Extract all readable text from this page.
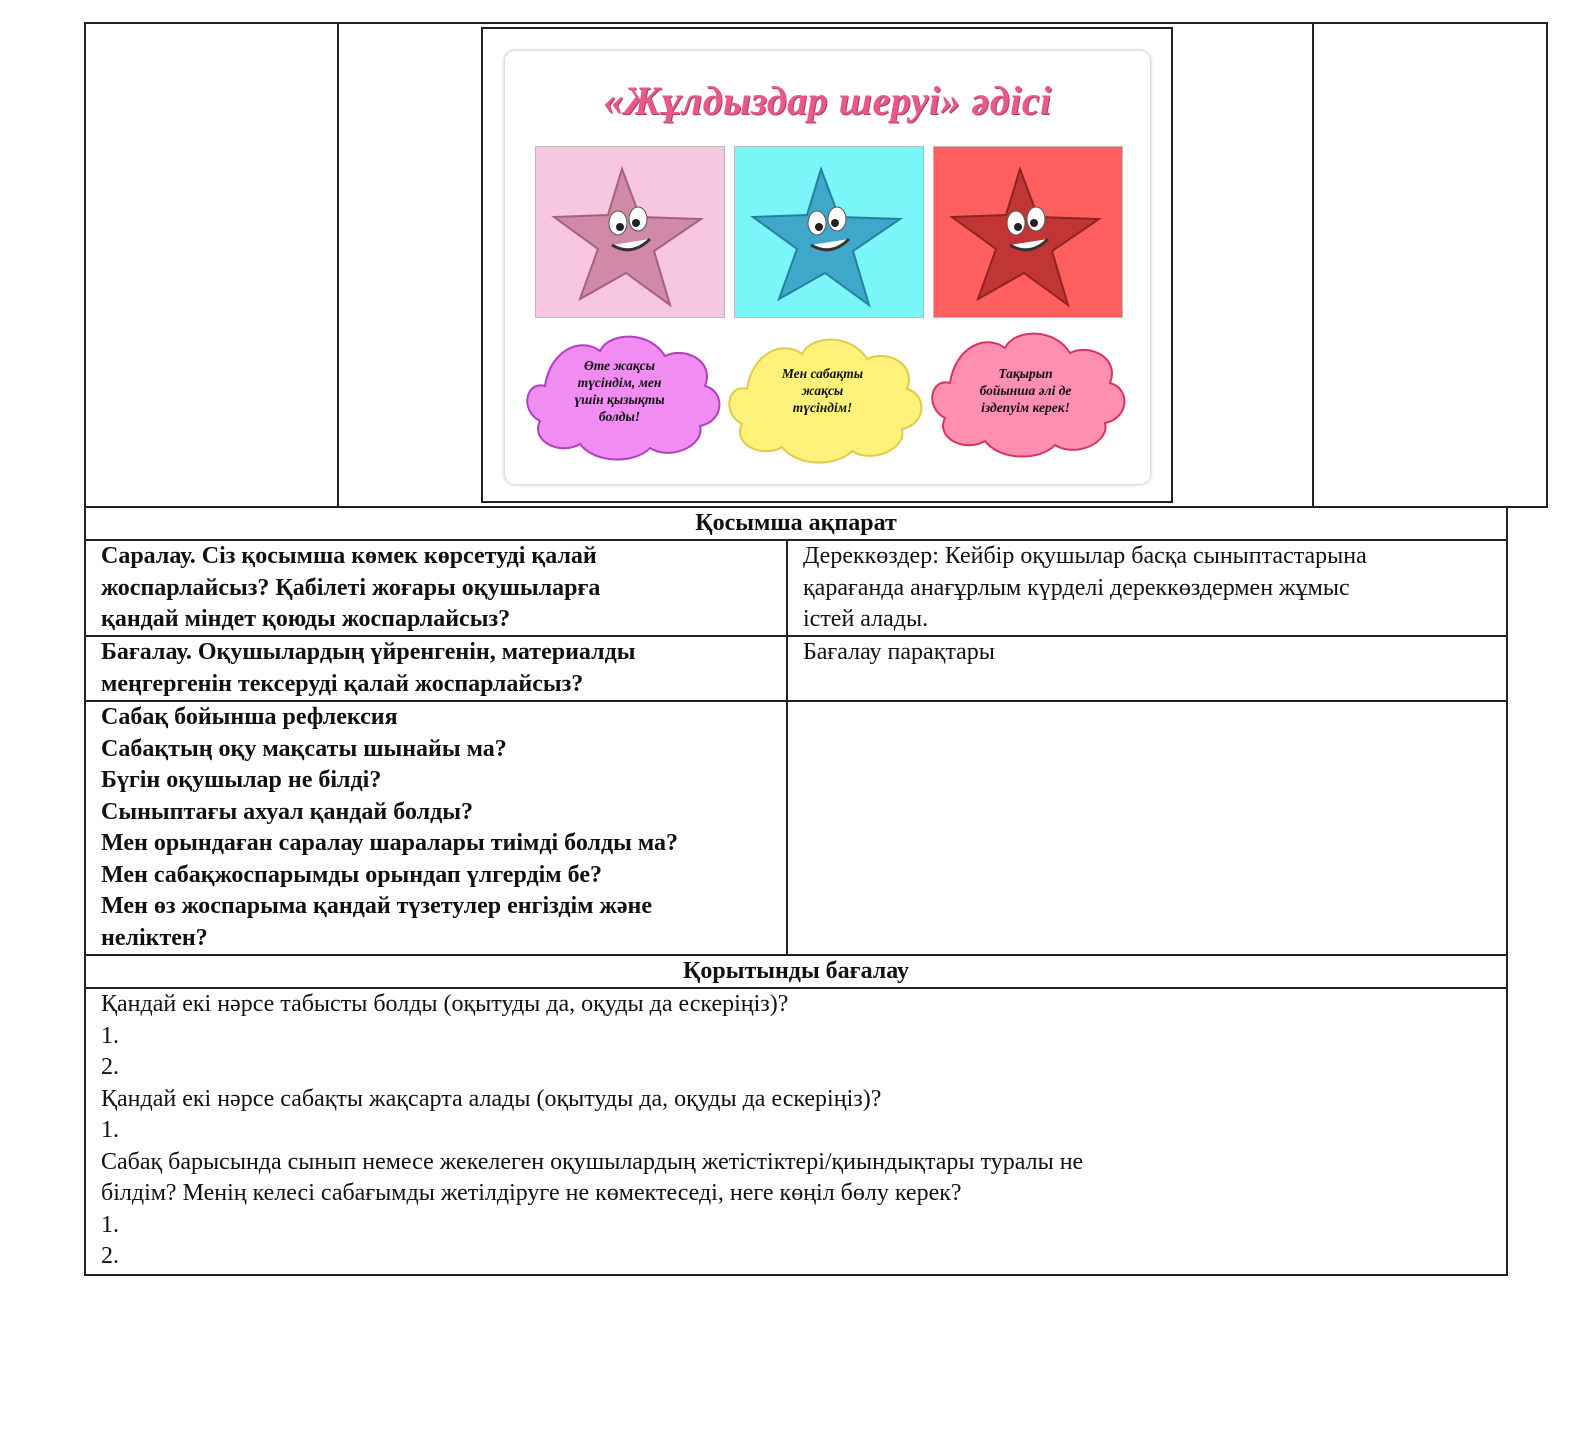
«Жұлдыздар шеруі» әдісі
Өте жақсы
түсіндім, мен
үшін қызықты
болды!
Мен сабақты
жақсы
түсіндім!
Тақырып
бойынша әлі де
іздепуім керек!
Қосымша ақпарат
Саралау. Сіз қосымша көмек көрсетуді қалай
жоспарлайсыз? Қабілеті жоғары оқушыларға
қандай міндет қоюды жоспарлайсыз?
Дереккөздер: Кейбір оқушылар басқа сыныптастарына
қарағанда анағұрлым күрделі дереккөздермен жұмыс
істей алады.
Бағалау. Оқушылардың үйренгенін, материалды
меңгергенін тексеруді қалай жоспарлайсыз?
Бағалау парақтары
Сабақ бойынша рефлексия
Сабақтың оқу мақсаты шынайы ма?
Бүгін оқушылар не білді?
Сыныптағы ахуал қандай болды?
Мен орындаған саралау шаралары тиімді болды ма?
Мен сабақжоспарымды орындап үлгердім бе?
Мен өз жоспарыма қандай түзетулер енгіздім және
неліктен?
Қорытынды бағалау
Қандай екі нәрсе табысты болды (оқытуды да, оқуды да ескеріңіз)?
1.
2.
Қандай екі нәрсе сабақты жақсарта алады (оқытуды да, оқуды да ескеріңіз)?
1.
Сабақ барысында сынып немесе жекелеген оқушылардың жетістіктері/қиындықтары туралы не
білдім? Менің келесі сабағымды жетілдіруге не көмектеседі, неге көңіл бөлу керек?
1.
2.
